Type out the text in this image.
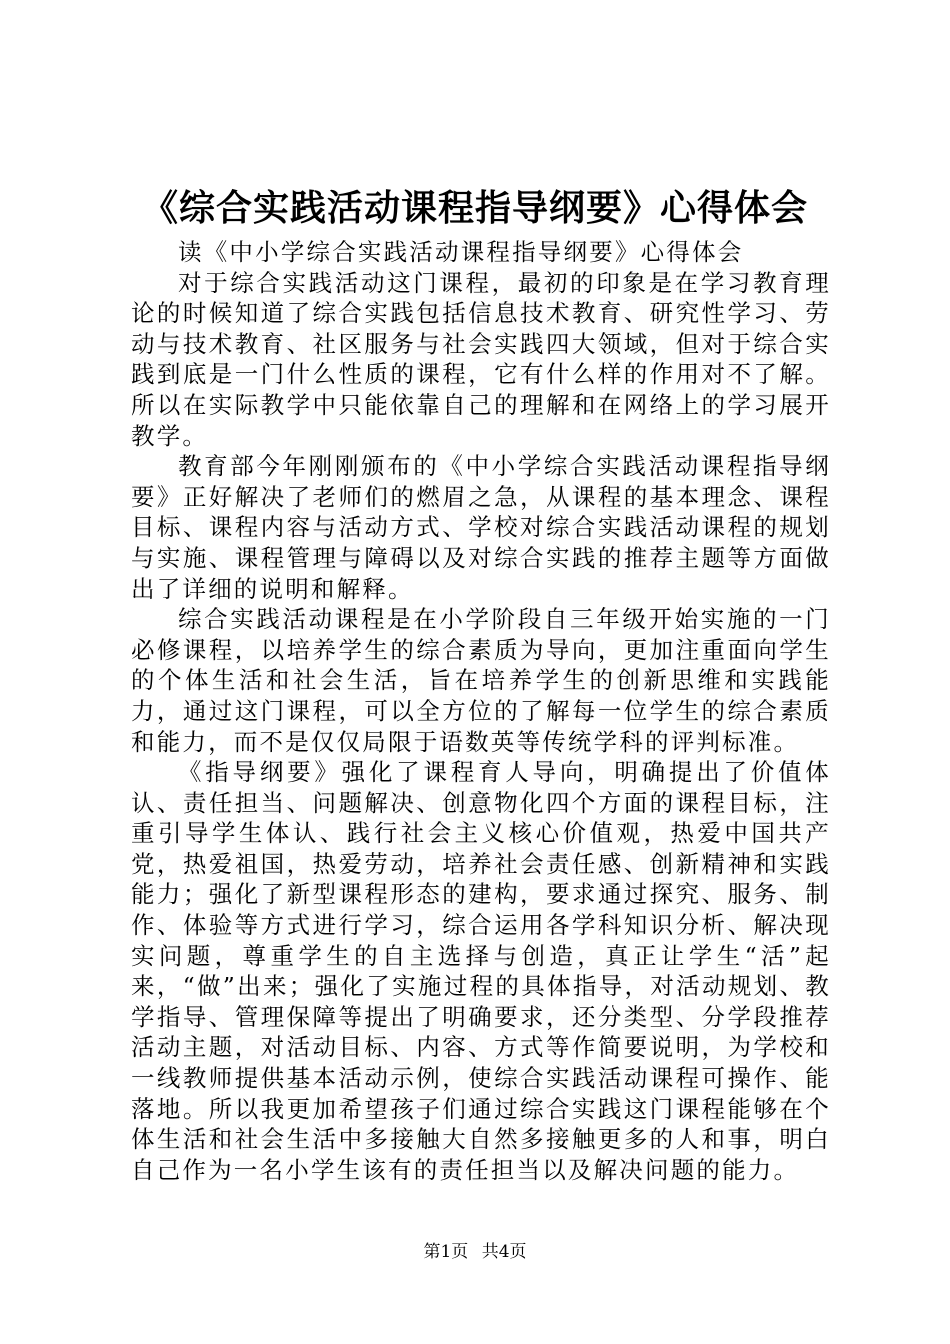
《综合实践活动课程指导纲要》心得体会

读《中小学综合实践活动课程指导纲要》心得体会

对于综合实践活动这门课程，最初的印象是在学习教育理论的时候知道了综合实践包括信息技术教育、研究性学习、劳动与技术教育、社区服务与社会实践四大领域，但对于综合实践到底是一门什么性质的课程，它有什么样的作用对不了解。所以在实际教学中只能依靠自己的理解和在网络上的学习展开教学。

教育部今年刚刚颁布的《中小学综合实践活动课程指导纲要》正好解决了老师们的燃眉之急，从课程的基本理念、课程目标、课程内容与活动方式、学校对综合实践活动课程的规划与实施、课程管理与障碍以及对综合实践的推荐主题等方面做出了详细的说明和解释。

综合实践活动课程是在小学阶段自三年级开始实施的一门必修课程，以培养学生的综合素质为导向，更加注重面向学生的个体生活和社会生活，旨在培养学生的创新思维和实践能力，通过这门课程，可以全方位的了解每一位学生的综合素质和能力，而不是仅仅局限于语数英等传统学科的评判标准。

《指导纲要》强化了课程育人导向，明确提出了价值体认、责任担当、问题解决、创意物化四个方面的课程目标，注重引导学生体认、践行社会主义核心价值观，热爱中国共产党，热爱祖国，热爱劳动，培养社会责任感、创新精神和实践能力；强化了新型课程形态的建构，要求通过探究、服务、制作、体验等方式进行学习，综合运用各学科知识分析、解决现实问题，尊重学生的自主选择与创造，真正让学生“活”起来，“做”出来；强化了实施过程的具体指导，对活动规划、教学指导、管理保障等提出了明确要求，还分类型、分学段推荐活动主题，对活动目标、内容、方式等作简要说明，为学校和一线教师提供基本活动示例，使综合实践活动课程可操作、能落地。所以我更加希望孩子们通过综合实践这门课程能够在个体生活和社会生活中多接触大自然多接触更多的人和事，明白自己作为一名小学生该有的责任担当以及解决问题的能力。

第1页 共4页
